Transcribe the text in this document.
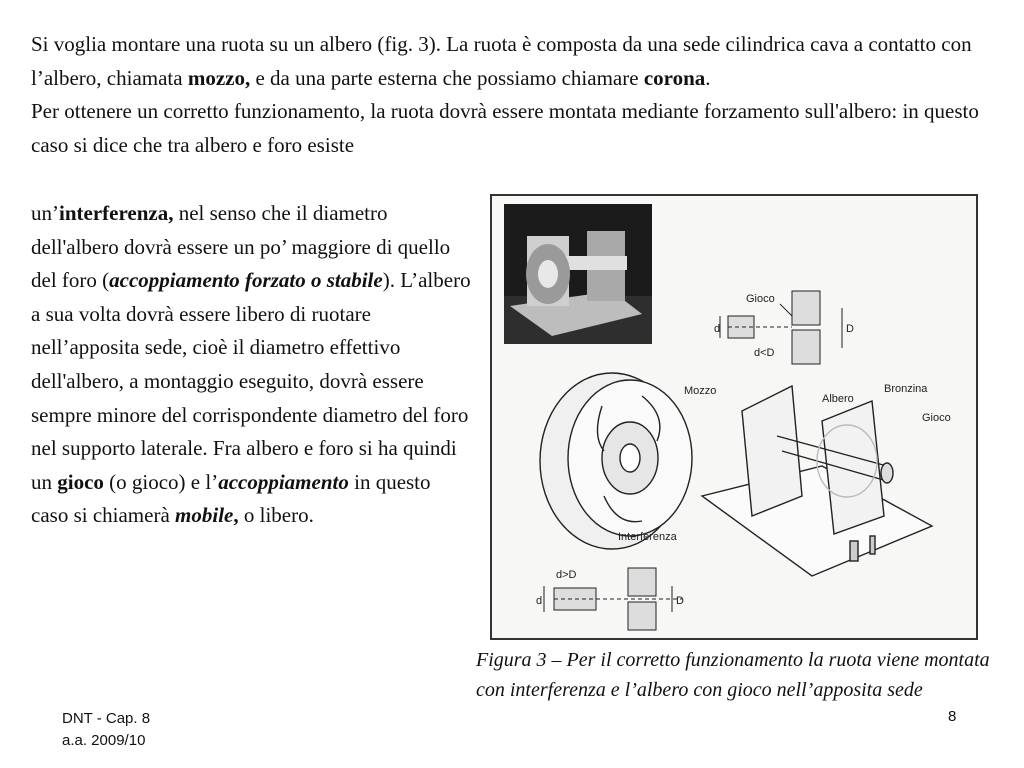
Si voglia montare una ruota su un albero (fig. 3). La ruota è composta da una sede cilindrica cava a contatto con l’albero, chiamata mozzo, e da una parte esterna che possiamo chiamare corona.
Per ottenere un corretto funzionamento, la ruota dovrà essere montata mediante forzamento sull'albero: in questo caso si dice che tra albero e foro esiste
un’interferenza, nel senso che il diametro dell'albero dovrà essere un po’ maggiore di quello del foro (accoppiamento forzato o stabile). L’albero a sua volta dovrà essere libero di ruotare nell’apposita sede, cioè il diametro effettivo dell'albero, a montaggio eseguito, dovrà essere sempre minore del corrispondente diametro del foro nel supporto laterale. Fra albero e foro si ha quindi un gioco (o gioco) e l’accoppiamento in questo caso si chiamerà mobile, o libero.
Gioco
d	D
d<D
Mozzo
Interferenza
Albero
Bronzina
Gioco
d>D
d	D
Figura 3 – Per il corretto funzionamento la ruota viene montata con interferenza e l’albero con gioco nell’apposita sede
DNT - Cap. 8
a.a. 2009/10
8
